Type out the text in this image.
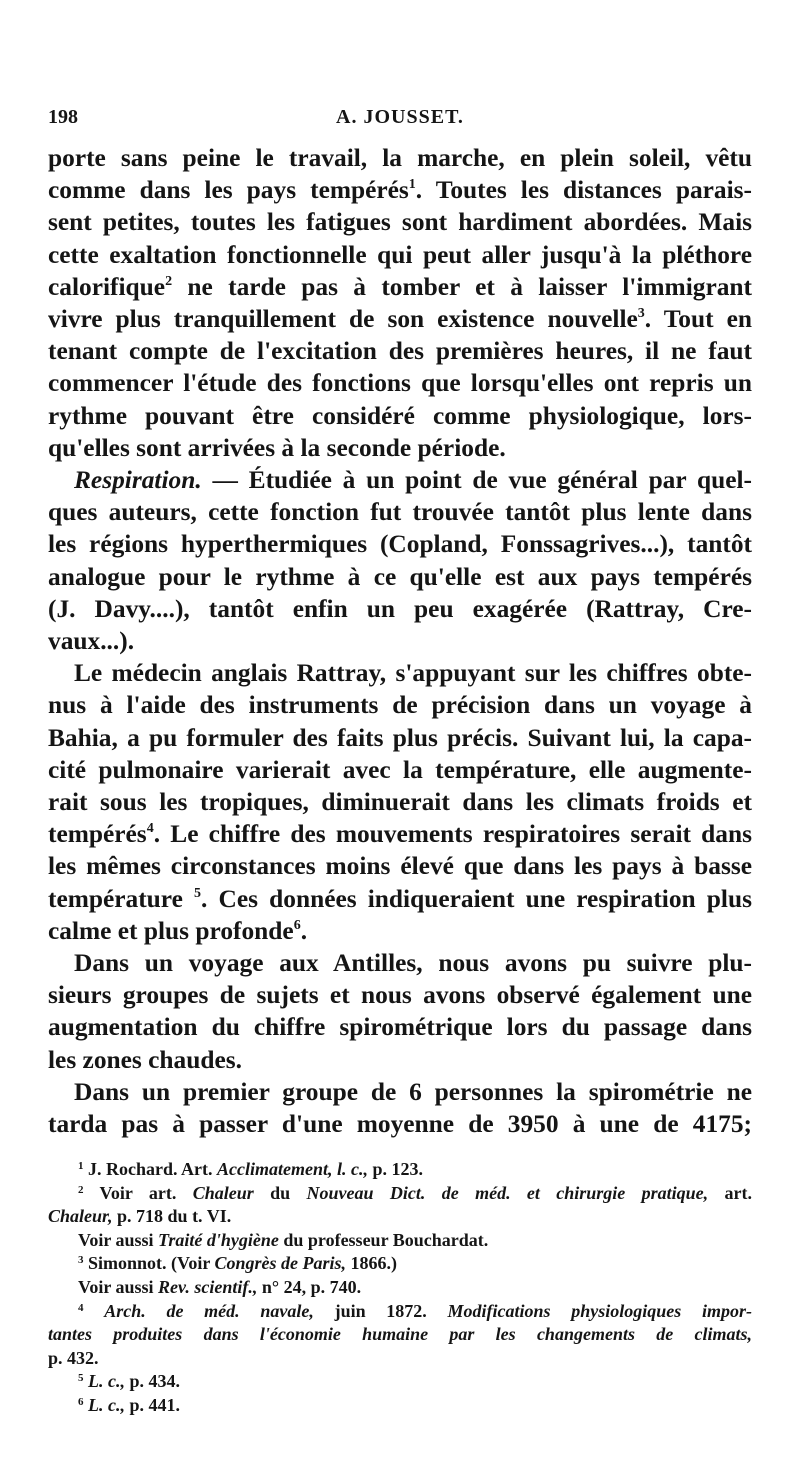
198	A. JOUSSET.
porte sans peine le travail, la marche, en plein soleil, vêtu
comme dans les pays tempérés$^1$. Toutes les distances parais-
sent petites, toutes les fatigues sont hardiment abordées. Mais
cette exaltation fonctionnelle qui peut aller jusqu'à la pléthore
calorifique$^2$ ne tarde pas à tomber et à laisser l'immigrant
vivre plus tranquillement de son existence nouvelle$^3$. Tout en
tenant compte de l'excitation des premières heures, il ne faut
commencer l'étude des fonctions que lorsqu'elles ont repris un
rythme pouvant être considéré comme physiologique, lors-
qu'elles sont arrivées à la seconde période.
Respiration. — Étudiée à un point de vue général par quel-
ques auteurs, cette fonction fut trouvée tantôt plus lente dans
les régions hyperthermiques (Copland, Fonssagrives...), tantôt
analogue pour le rythme à ce qu'elle est aux pays tempérés
(J. Davy....), tantôt enfin un peu exagérée (Rattray, Cre-
vaux...).
Le médecin anglais Rattray, s'appuyant sur les chiffres obte-
nus à l'aide des instruments de précision dans un voyage à
Bahia, a pu formuler des faits plus précis. Suivant lui, la capa-
cité pulmonaire varierait avec la température, elle augmente-
rait sous les tropiques, diminuerait dans les climats froids et
tempérés$^4$. Le chiffre des mouvements respiratoires serait dans
les mêmes circonstances moins élevé que dans les pays à basse
température $^5$. Ces données indiqueraient une respiration plus
calme et plus profonde$^6$.
Dans un voyage aux Antilles, nous avons pu suivre plu-
sieurs groupes de sujets et nous avons observé également une
augmentation du chiffre spirométrique lors du passage dans
les zones chaudes.
Dans un premier groupe de 6 personnes la spirométrie ne
tarda pas à passer d'une moyenne de 3950 à une de 4175;
$^1$ J. Rochard. Art. Acclimatement, l. c., p. 123.
$^2$ Voir art. Chaleur du Nouveau Dict. de méd. et chirurgie pratique, art.
Chaleur, p. 718 du t. VI.
Voir aussi Traité d'hygiène du professeur Bouchardat.
$^3$ Simonnot. (Voir Congrès de Paris, 1866.)
Voir aussi Rev. scientif., n° 24, p. 740.
$^4$ Arch. de méd. navale, juin 1872. Modifications physiologiques impor-
tantes produites dans l'économie humaine par les changements de climats,
p. 432.
$^5$ L. c., p. 434.
$^6$ L. c., p. 441.
